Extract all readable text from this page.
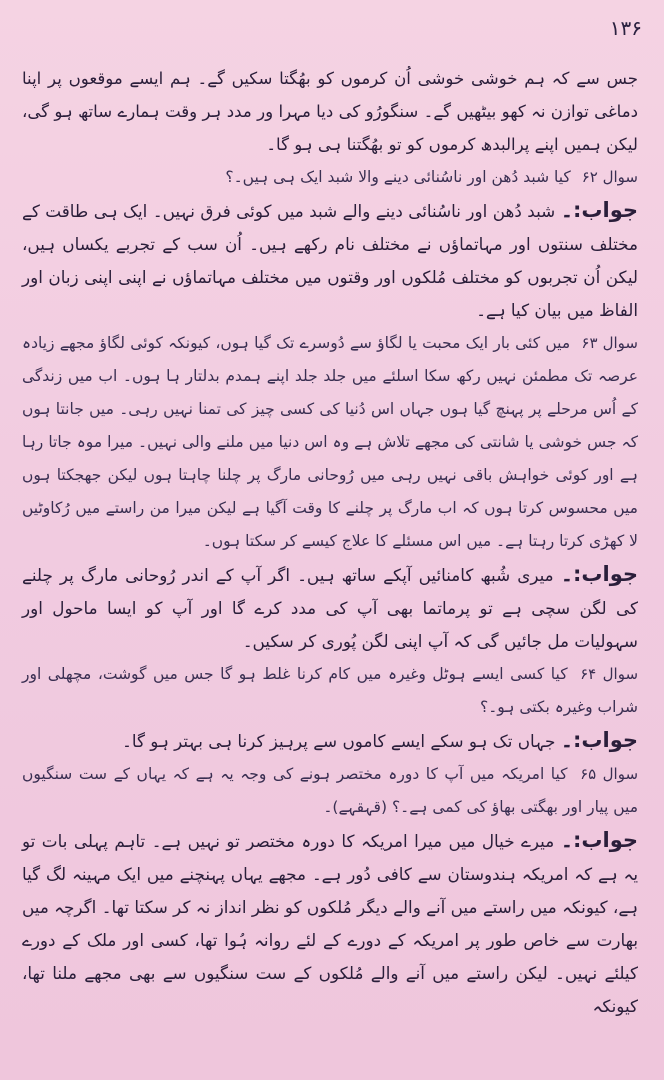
۱۳۶

جس سے کہ ہم خوشی خوشی اُن کرموں کو بھُگتا سکیں گے۔ ہم ایسے موقعوں پر اپنا دماغی توازن نہ کھو بیٹھیں گے۔ سنگورُو کی دیا مہرا ور مدد ہر وقت ہمارے ساتھ ہو گی، لیکن ہمیں اپنے پرالبدھ کرموں کو تو بھُگتنا ہی ہو گا۔

سوال ۶۲ کیا شبد دُھن اور ناسُنائی دینے والا شبد ایک ہی ہیں۔؟

جواب:۔ شبد دُھن اور ناسُنائی دینے والے شبد میں کوئی فرق نہیں۔ ایک ہی طاقت کے مختلف سنتوں اور مہاتماؤں نے مختلف نام رکھے ہیں۔ اُن سب کے تجربے یکساں ہیں، لیکن اُن تجربوں کو مختلف مُلکوں اور وقتوں میں مختلف مہاتماؤں نے اپنی اپنی زبان اور الفاظ میں بیان کیا ہے۔

سوال ۶۳ میں کئی بار ایک محبت یا لگاؤ سے دُوسرے تک گیا ہوں، کیونکہ کوئی لگاؤ مجھے زیادہ عرصہ تک مطمئن نہیں رکھ سکا اسلئے میں جلد جلد اپنے ہمدم بدلتار ہا ہوں۔ اب میں زندگی کے اُس مرحلے پر پہنچ گیا ہوں جہاں اس دُنیا کی کسی چیز کی تمنا نہیں رہی۔ میں جانتا ہوں کہ جس خوشی یا شانتی کی مجھے تلاش ہے وہ اس دنیا میں ملنے والی نہیں۔ میرا موہ جاتا رہا ہے اور کوئی خواہش باقی نہیں رہی میں رُوحانی مارگ پر چلنا چاہتا ہوں لیکن جھجکتا ہوں میں محسوس کرتا ہوں کہ اب مارگ پر چلنے کا وقت آگیا ہے لیکن میرا من راستے میں رُکاوٹیں لا کھڑی کرتا رہتا ہے۔ میں اس مسئلے کا علاج کیسے کر سکتا ہوں۔

جواب:۔ میری شُبھ کامنائیں آپکے ساتھ ہیں۔ اگر آپ کے اندر رُوحانی مارگ پر چلنے کی لگن سچی ہے تو پرماتما بھی آپ کی مدد کرے گا اور آپ کو ایسا ماحول اور سہولیات مل جائیں گی کہ آپ اپنی لگن پُوری کر سکیں۔

سوال ۶۴ کیا کسی ایسے ہوٹل وغیرہ میں کام کرنا غلط ہو گا جس میں گوشت، مچھلی اور شراب وغیرہ بکتی ہو۔؟

جواب:۔ جہاں تک ہو سکے ایسے کاموں سے پرہیز کرنا ہی بہتر ہو گا۔

سوال ۶۵ کیا امریکہ میں آپ کا دورہ مختصر ہونے کی وجہ یہ ہے کہ یہاں کے ست سنگیوں میں پیار اور بھگتی بھاؤ کی کمی ہے۔؟ (قہقہے)۔

جواب:۔ میرے خیال میں میرا امریکہ کا دورہ مختصر تو نہیں ہے۔ تاہم پہلی بات تو یہ ہے کہ امریکہ ہندوستان سے کافی دُور ہے۔ مجھے یہاں پہنچنے میں ایک مہینہ لگ گیا ہے، کیونکہ میں راستے میں آنے والے دیگر مُلکوں کو نظر انداز نہ کر سکتا تھا۔ اگرچہ میں بھارت سے خاص طور پر امریکہ کے دورے کے لئے روانہ ہُوا تھا، کسی اور ملک کے دورے کیلئے نہیں۔ لیکن راستے میں آنے والے مُلکوں کے ست سنگیوں سے بھی مجھے ملنا تھا، کیونکہ
